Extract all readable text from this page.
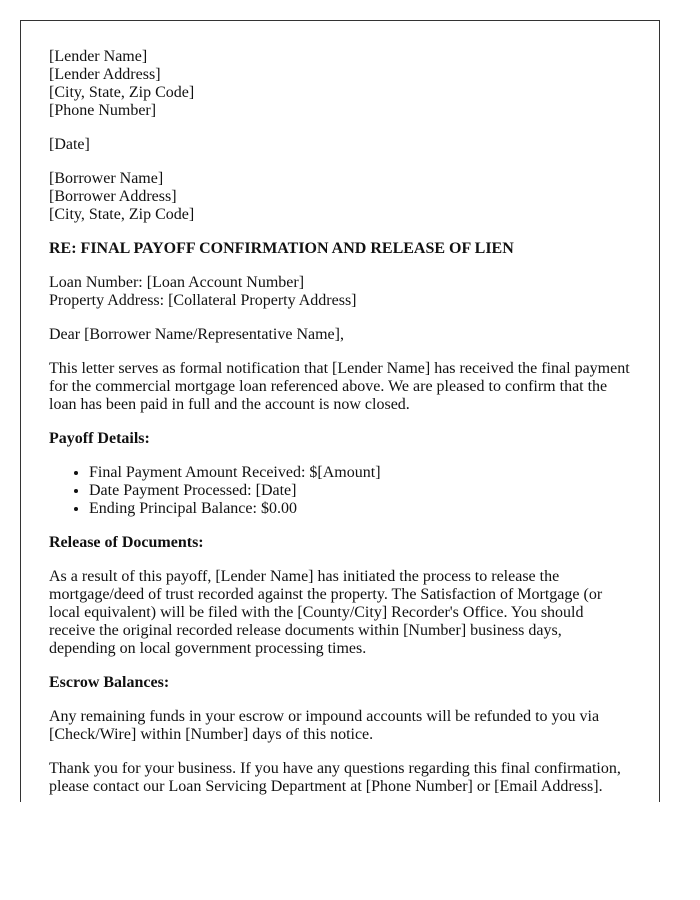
[Lender Name]
[Lender Address]
[City, State, Zip Code]
[Phone Number]

[Date]

[Borrower Name]
[Borrower Address]
[City, State, Zip Code]

RE: FINAL PAYOFF CONFIRMATION AND RELEASE OF LIEN

Loan Number: [Loan Account Number]
Property Address: [Collateral Property Address]

Dear [Borrower Name/Representative Name],

This letter serves as formal notification that [Lender Name] has received the final payment for the commercial mortgage loan referenced above. We are pleased to confirm that the loan has been paid in full and the account is now closed.

Payoff Details:

• Final Payment Amount Received: $[Amount]
• Date Payment Processed: [Date]
• Ending Principal Balance: $0.00

Release of Documents:

As a result of this payoff, [Lender Name] has initiated the process to release the mortgage/deed of trust recorded against the property. The Satisfaction of Mortgage (or local equivalent) will be filed with the [County/City] Recorder's Office. You should receive the original recorded release documents within [Number] business days, depending on local government processing times.

Escrow Balances:

Any remaining funds in your escrow or impound accounts will be refunded to you via [Check/Wire] within [Number] days of this notice.

Thank you for your business. If you have any questions regarding this final confirmation, please contact our Loan Servicing Department at [Phone Number] or [Email Address].
